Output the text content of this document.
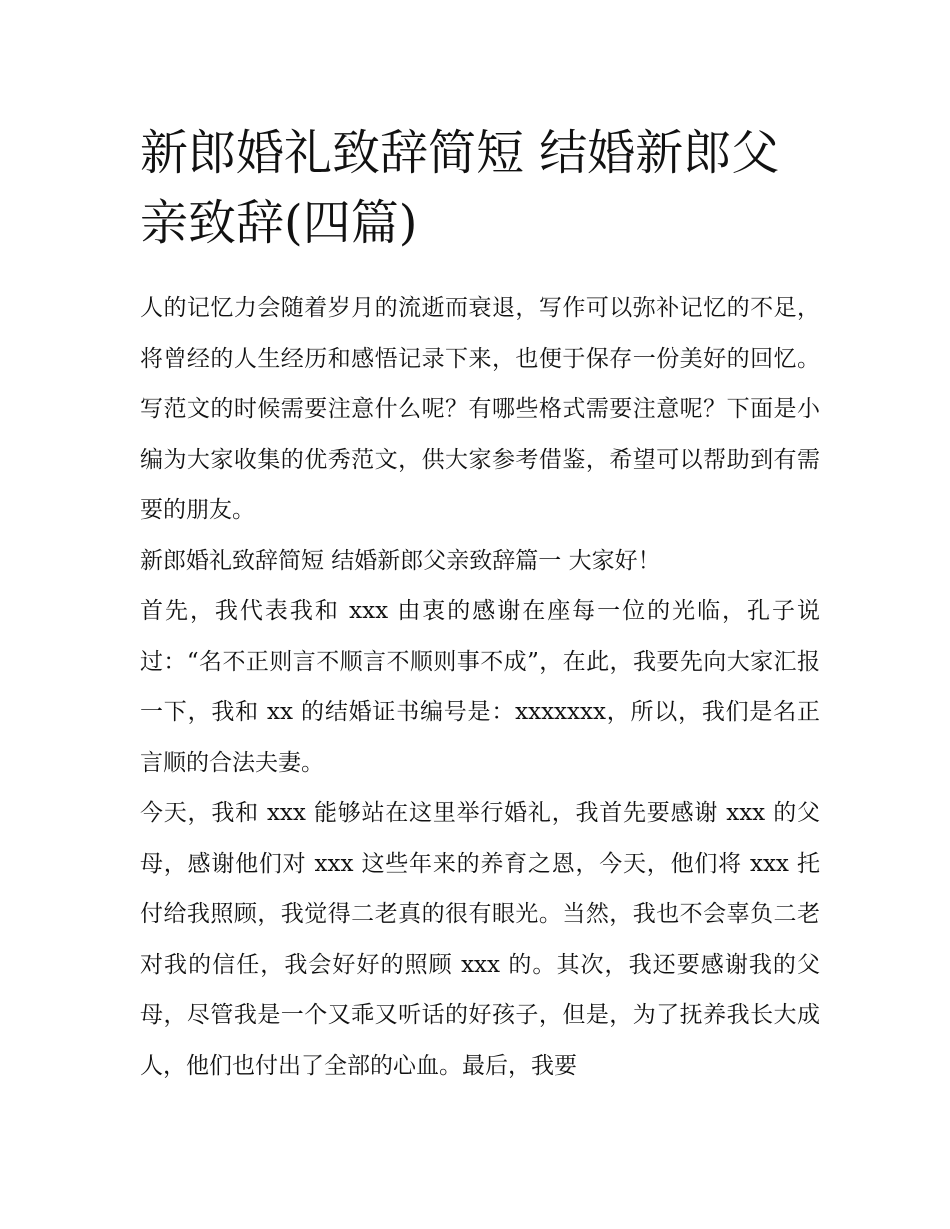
新郎婚礼致辞简短 结婚新郎父亲致辞(四篇)

人的记忆力会随着岁月的流逝而衰退，写作可以弥补记忆的不足，将曾经的人生经历和感悟记录下来，也便于保存一份美好的回忆。写范文的时候需要注意什么呢？有哪些格式需要注意呢？下面是小编为大家收集的优秀范文，供大家参考借鉴，希望可以帮助到有需要的朋友。

新郎婚礼致辞简短 结婚新郎父亲致辞篇一 大家好！

首先，我代表我和 xxx 由衷的感谢在座每一位的光临，孔子说过：“名不正则言不顺言不顺则事不成”，在此，我要先向大家汇报一下，我和 xx 的结婚证书编号是：xxxxxxx，所以，我们是名正言顺的合法夫妻。

今天，我和 xxx 能够站在这里举行婚礼，我首先要感谢 xxx 的父母，感谢他们对 xxx 这些年来的养育之恩，今天，他们将 xxx 托付给我照顾，我觉得二老真的很有眼光。当然，我也不会辜负二老对我的信任，我会好好的照顾 xxx 的。其次，我还要感谢我的父母，尽管我是一个又乖又听话的好孩子，但是，为了抚养我长大成人，他们也付出了全部的心血。最后，我要
